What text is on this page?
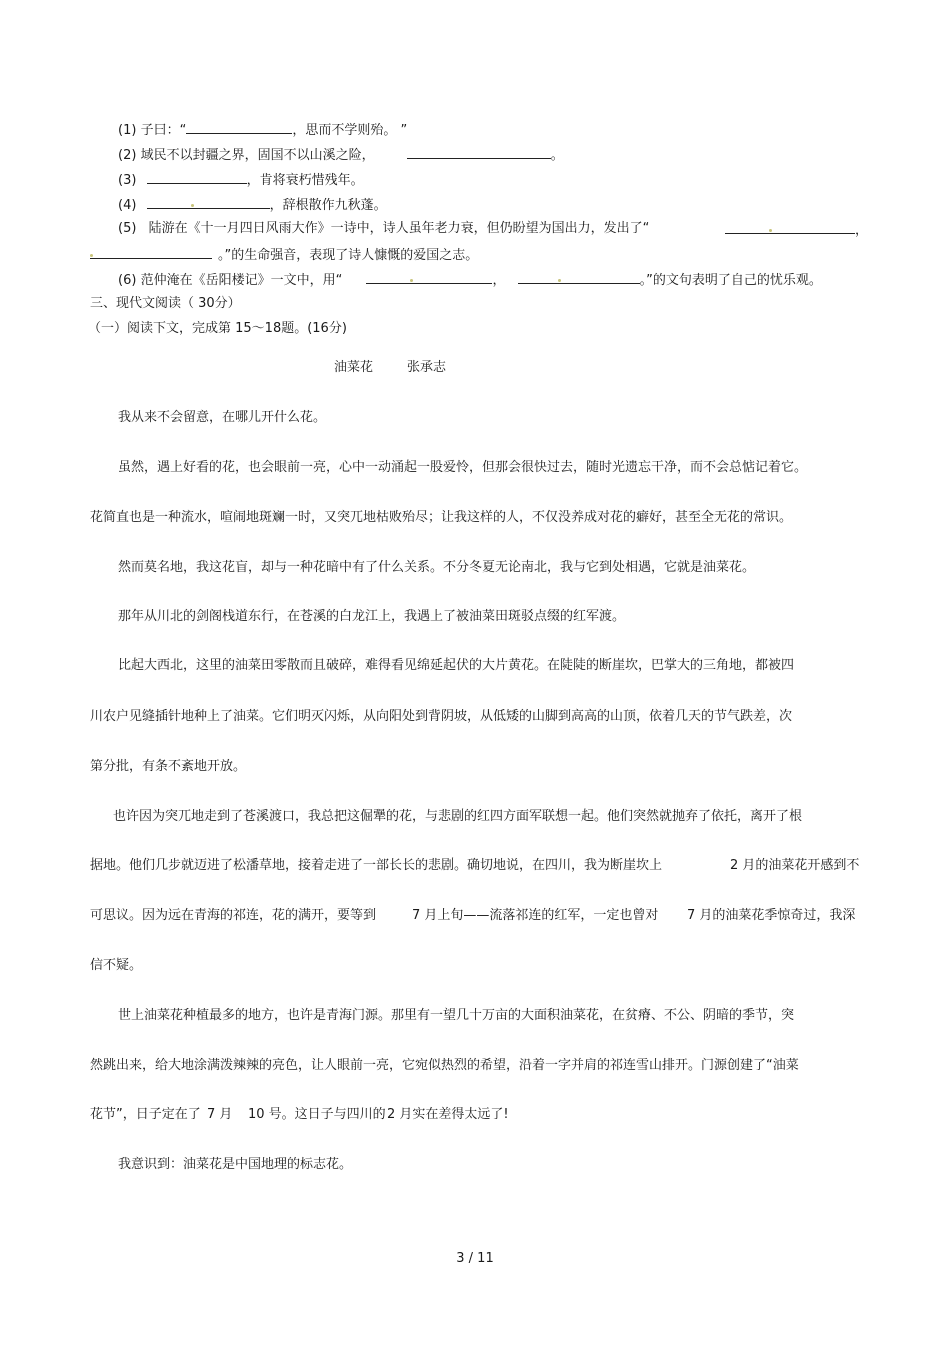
(1) 子曰：“	，思而不学则殆。 ”
(2) 域民不以封疆之界，固国不以山溪之险，	。
(3)	，肯将衰朽惜残年。
(4)	，辞根散作九秋蓬。
(5) 陆游在《十一月四日风雨大作》一诗中，诗人虽年老力衰，但仍盼望为国出力，发出了“	，
。”的生命强音，表现了诗人慷慨的爱国之志。
(6) 范仲淹在《岳阳楼记》一文中，用“	，	。”的文句表明了自己的忧乐观。
三、现代文阅读（ 30分）
（一）阅读下文，完成第 15～18题。(16分)
油菜花	张承志
我从来不会留意，在哪儿开什么花。
虽然，遇上好看的花，也会眼前一亮，心中一动涌起一股爱怜，但那会很快过去，随时光遗忘干净，而不会总惦记着它。
花简直也是一种流水，喧闹地斑斓一时，又突兀地枯败殆尽；让我这样的人，不仅没养成对花的癖好，甚至全无花的常识。
然而莫名地，我这花盲，却与一种花暗中有了什么关系。不分冬夏无论南北，我与它到处相遇，它就是油菜花。
那年从川北的剑阁栈道东行，在苍溪的白龙江上，我遇上了被油菜田斑驳点缀的红军渡。
比起大西北，这里的油菜田零散而且破碎，难得看见绵延起伏的大片黄花。在陡陡的断崖坎，巴掌大的三角地，都被四
川农户见缝插针地种上了油菜。它们明灭闪烁，从向阳处到背阴坡，从低矮的山脚到高高的山顶，依着几天的节气跌差，次
第分批，有条不紊地开放。
也许因为突兀地走到了苍溪渡口，我总把这倔犟的花，与悲剧的红四方面军联想一起。他们突然就抛弃了依托，离开了根
据地。他们几步就迈进了松潘草地，接着走进了一部长长的悲剧。确切地说，在四川，我为断崖坎上	2 月的油菜花开感到不
可思议。因为远在青海的祁连，花的满开，要等到	7 月上旬——流落祁连的红军，一定也曾对 7 月的油菜花季惊奇过，我深
信不疑。
世上油菜花种植最多的地方，也许是青海门源。那里有一望几十万亩的大面积油菜花，在贫瘠、不公、阴暗的季节，突
然跳出来，给大地涂满泼辣辣的亮色，让人眼前一亮，它宛似热烈的希望，沿着一字并肩的祁连雪山排开。门源创建了“油菜
花节”，日子定在了 7 月 10 号。这日子与四川的 2 月实在差得太远了!
我意识到：油菜花是中国地理的标志花。
3 / 11
